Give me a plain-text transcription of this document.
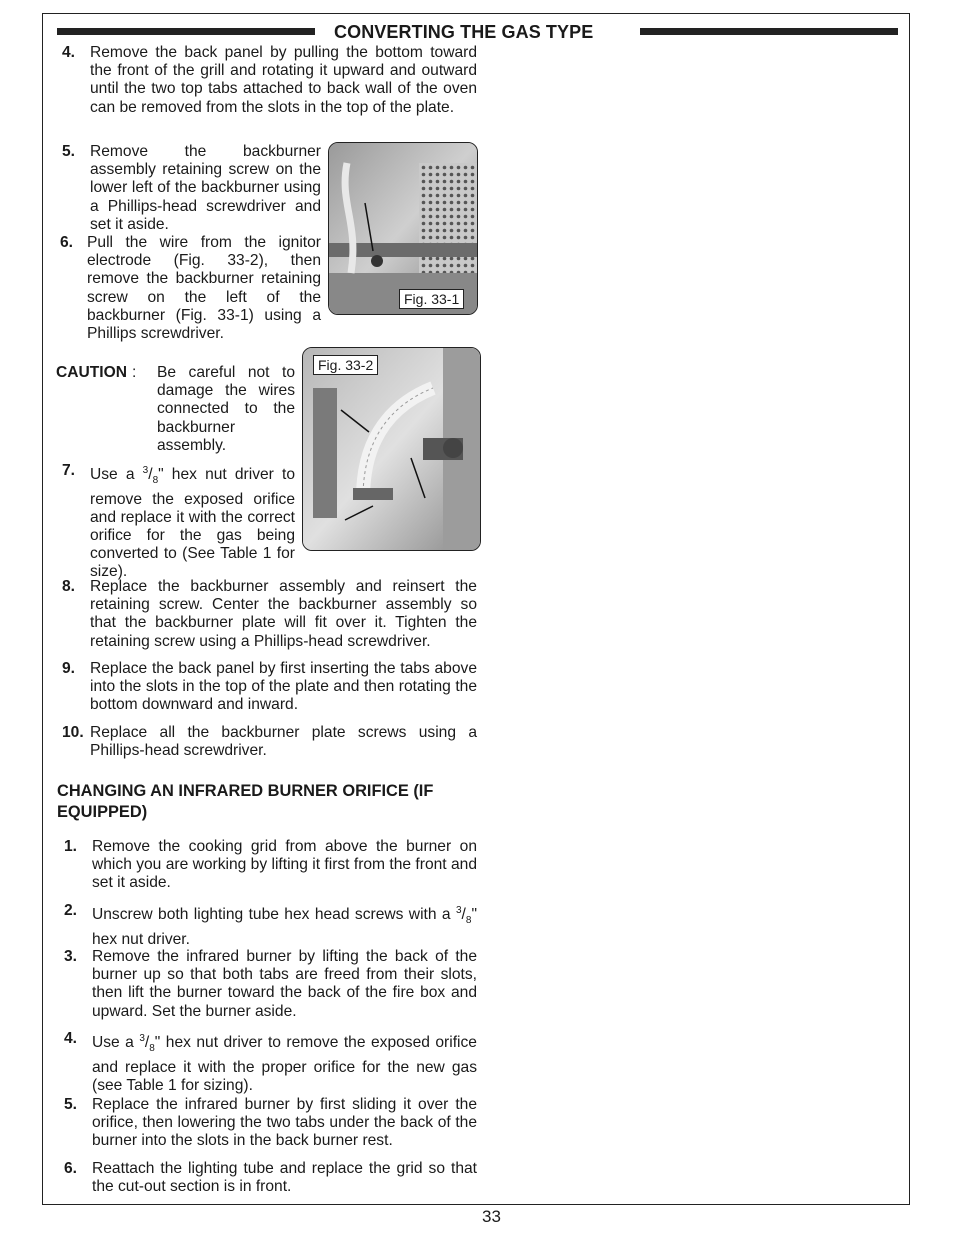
CONVERTING THE GAS TYPE
4. Remove the back panel by pulling the bottom toward the front of the grill and rotating it upward and outward until the two top tabs attached to back wall of the oven can be removed from the slots in the top of the plate.
5. Remove the backburner assembly retaining screw on the lower left of the backburner using a Phillips-head screwdriver and set it aside.
6. Pull the wire from the ignitor electrode (Fig. 33-2), then remove the backburner retaining screw on the left of the backburner (Fig. 33-1) using a Phillips screwdriver.
Fig. 33-1
CAUTION : Be careful not to damage the wires connected to the backburner assembly.
Fig. 33-2
7. Use a $^3/_8$" hex nut driver to remove the exposed orifice and replace it with the correct orifice for the gas being converted to (See Table 1 for size).
8. Replace the backburner assembly and reinsert the retaining screw. Center the backburner assembly so that the backburner plate will fit over it. Tighten the retaining screw using a Phillips-head screwdriver.
9. Replace the back panel by first inserting the tabs above into the slots in the top of the plate and then rotating the bottom downward and inward.
10. Replace all the backburner plate screws using a Phillips-head screwdriver.
CHANGING AN INFRARED BURNER ORIFICE (IF EQUIPPED)
1. Remove the cooking grid from above the burner on which you are working by lifting it first from the front and set it aside.
2. Unscrew both lighting tube hex head screws with a $^3/_8$" hex nut driver.
3. Remove the infrared burner by lifting the back of the burner up so that both tabs are freed from their slots, then lift the burner toward the back of the fire box and upward. Set the burner aside.
4. Use a $^3/_8$" hex nut driver to remove the exposed orifice and replace it with the proper orifice for the new gas (see Table 1 for sizing).
5. Replace the infrared burner by first sliding it over the orifice, then lowering the two tabs under the back of the burner into the slots in the back burner rest.
6. Reattach the lighting tube and replace the grid so that the cut-out section is in front.
33
